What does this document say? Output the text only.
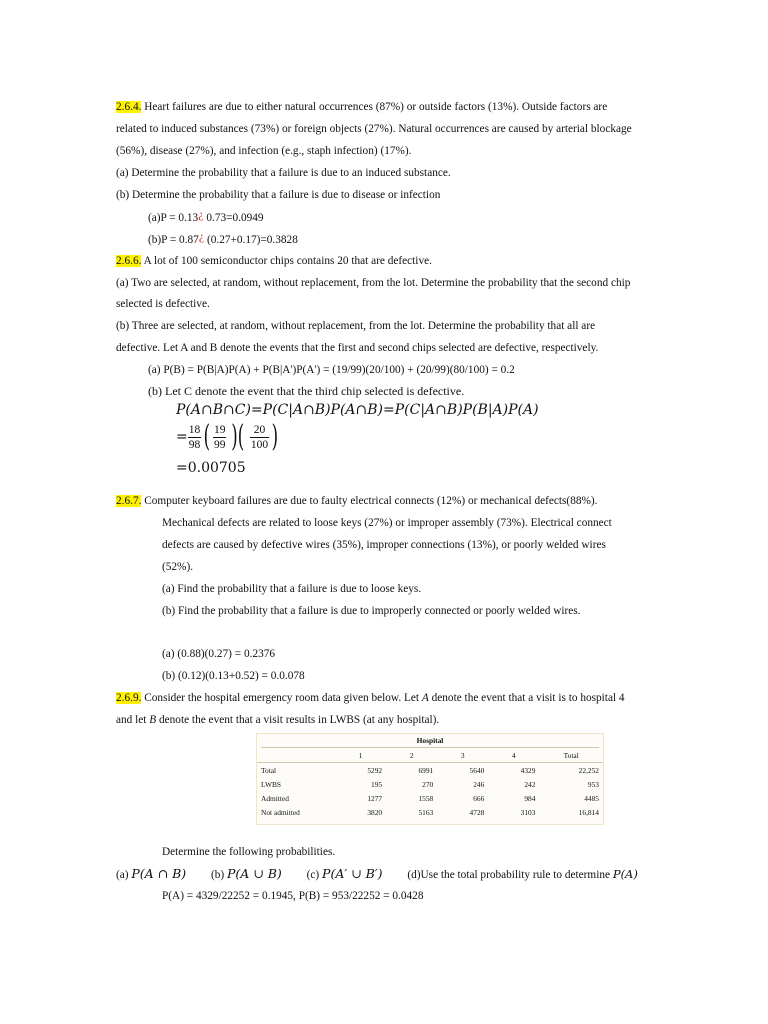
2.6.4. Heart failures are due to either natural occurrences (87%) or outside factors (13%). Outside factors are
related to induced substances (73%) or foreign objects (27%). Natural occurrences are caused by arterial blockage
(56%), disease (27%), and infection (e.g., staph infection) (17%).
(a) Determine the probability that a failure is due to an induced substance.
(b) Determine the probability that a failure is due to disease or infection
(a)P = 0.13¿ 0.73=0.0949
(b)P = 0.87¿ (0.27+0.17)=0.3828
2.6.6. A lot of 100 semiconductor chips contains 20 that are defective.
(a) Two are selected, at random, without replacement, from the lot. Determine the probability that the second chip
selected is defective.
(b) Three are selected, at random, without replacement, from the lot. Determine the probability that all are
defective. Let A and B denote the events that the first and second chips selected are defective, respectively.
(a) P(B) = P(B|A)P(A) + P(B|A')P(A') = (19/99)(20/100) + (20/99)(80/100) = 0.2
(b) Let C denote the event that the third chip selected is defective.
P(A∩B∩C)=P(C|A∩B)P(A∩B)=P(C|A∩B)P(B|A)P(A)
= $\frac{18}{98}$ ( $\frac{19}{99}$ )( $\frac{20}{100}$ )
=0.00705
2.6.7. Computer keyboard failures are due to faulty electrical connects (12%) or mechanical defects(88%).
Mechanical defects are related to loose keys (27%) or improper assembly (73%). Electrical connect
defects are caused by defective wires (35%), improper connections (13%), or poorly welded wires
(52%).
(a) Find the probability that a failure is due to loose keys.
(b) Find the probability that a failure is due to improperly connected or poorly welded wires.
(a) (0.88)(0.27) = 0.2376
(b) (0.12)(0.13+0.52) = 0.0.078
2.6.9. Consider the hospital emergency room data given below. Let A denote the event that a visit is to hospital 4
and let B denote the event that a visit results in LWBS (at any hospital).
Hospital
	1	2	3	4	Total
Total	5292	6991	5640	4329	22,252
LWBS	195	270	246	242	953
Admitted	1277	1558	666	984	4485
Not admitted	3820	5163	4728	3103	16,814
Determine the following probabilities.
(a) P(A ∩ B) (b) P(A ∪ B) (c) P(A′ ∪ B′) (d)Use the total probability rule to determine P(A)
P(A) = 4329/22252 = 0.1945, P(B) = 953/22252 = 0.0428
